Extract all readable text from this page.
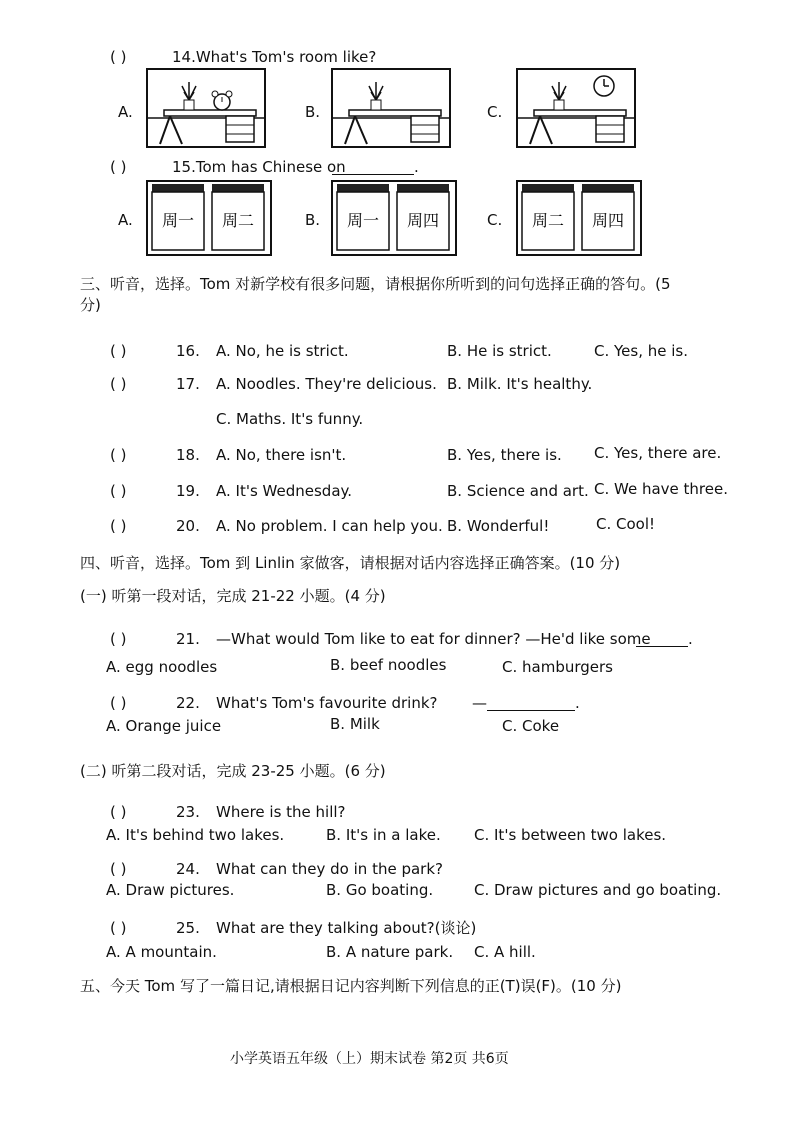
( )	14.What's Tom's room like?
A.	B.	C.
( )	15.Tom has Chinese on	.
A. 周一 周二	B. 周一 周四	C. 周二 周四
三、听音，选择。Tom 对新学校有很多问题，请根据你所听到的问句选择正确的答句。(5
分)
( )	16. A. No, he is strict.	B. He is strict.	C. Yes, he is.
( )	17. A. Noodles. They're delicious. B. Milk. It's healthy.
C. Maths. It's funny.
( )	18. A. No, there isn't.	B. Yes, there is. C. Yes, there are.
( )	19. A. It's Wednesday.	B. Science and art. C. We have three.
( )	20. A. No problem. I can help you. B. Wonderful!	C. Cool!
四、听音，选择。Tom 到 Linlin 家做客，请根据对话内容选择正确答案。(10 分)
(一) 听第一段对话，完成 21-22 小题。(4 分)
( )	21. —What would Tom like to eat for dinner? —He'd like some	.
A. egg noodles	B. beef noodles	C. hamburgers
( )	22. What's Tom's favourite drink? —	.
A. Orange juice	B. Milk	C. Coke
(二) 听第二段对话，完成 23-25 小题。(6 分)
( )	23. Where is the hill?
A. It's behind two lakes.	B. It's in a lake. C. It's between two lakes.
( )	24. What can they do in the park?
A. Draw pictures.	B. Go boating.	C. Draw pictures and go boating.
( )	25. What are they talking about?(谈论)
A. A mountain.	B. A nature park. C. A hill.
五、今天 Tom 写了一篇日记,请根据日记内容判断下列信息的正(T)误(F)。(10 分)
小学英语五年级（上）期末试卷 第2页 共6页
